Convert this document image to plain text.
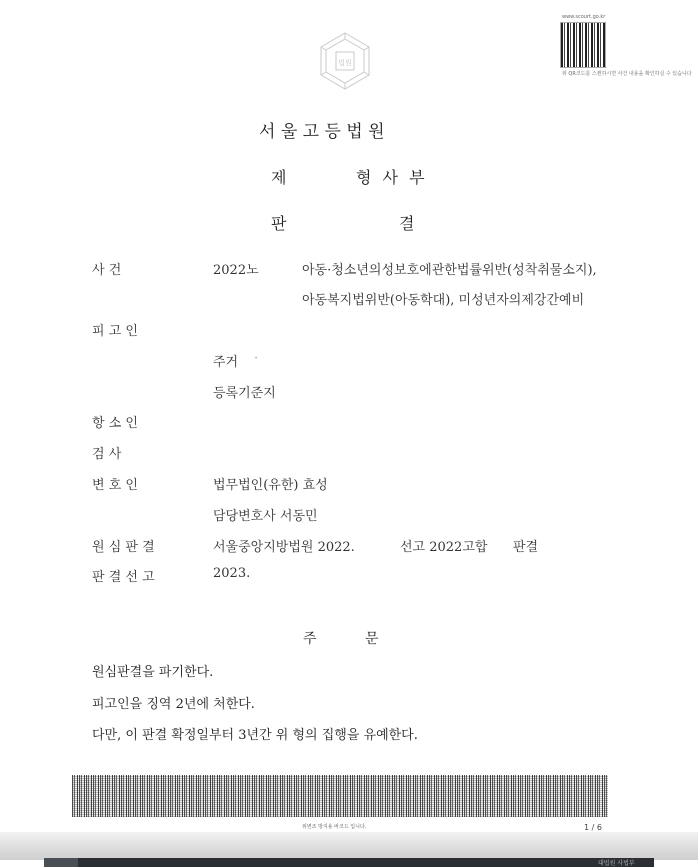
www.scourt.go.kr
위 QR코드를 스캔하시면 사건 내용을 확인하실 수 있습니다
법원
서 울 고 등 법 원
제	형 사 부
판	결
사 건	2022노	아동·청소년의성보호에관한법률위반(성착취물소지),
아동복지법위반(아동학대), 미성년자의제강간예비
피 고 인
주거 ·
등록기준지
항 소 인
검 사
변 호 인	법무법인(유한) 효성
담당변호사 서동민
원 심 판 결	서울중앙지방법원 2022.	선고 2022고합 판결
판 결 선 고	2023.
주	문
원심판결을 파기한다.
피고인을 징역 2년에 처한다.
다만, 이 판결 확정일부터 3년간 위 형의 집행을 유예한다.
위변조 방지용 바코드 입니다.	1 / 6
대법원 사법부
